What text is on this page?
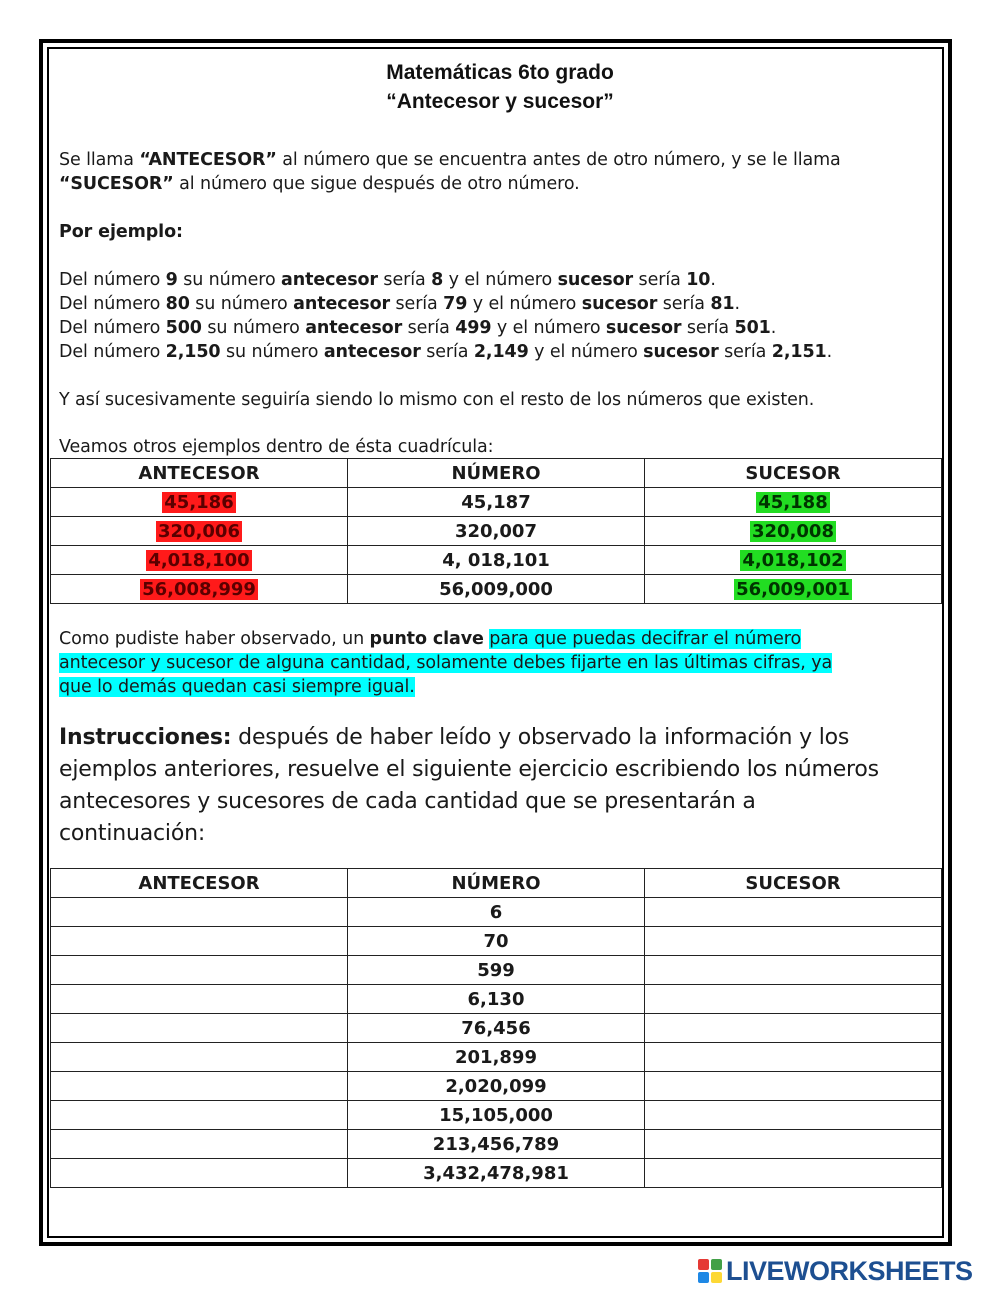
Matemáticas 6to grado
“Antecesor y sucesor”
Se llama “ANTECESOR” al número que se encuentra antes de otro número, y se le llama
“SUCESOR” al número que sigue después de otro número.
Por ejemplo:
Del número 9 su número antecesor sería 8 y el número sucesor sería 10.
Del número 80 su número antecesor sería 79 y el número sucesor sería 81.
Del número 500 su número antecesor sería 499 y el número sucesor sería 501.
Del número 2,150 su número antecesor sería 2,149 y el número sucesor sería 2,151.
Y así sucesivamente seguiría siendo lo mismo con el resto de los números que existen.
Veamos otros ejemplos dentro de ésta cuadrícula:
ANTECESOR	NÚMERO	SUCESOR
45,186	45,187	45,188
320,006	320,007	320,008
4,018,100	4, 018,101	4,018,102
56,008,999	56,009,000	56,009,001
Como pudiste haber observado, un punto clave para que puedas decifrar el número
antecesor y sucesor de alguna cantidad, solamente debes fijarte en las últimas cifras, ya
que lo demás quedan casi siempre igual.
Instrucciones: después de haber leído y observado la información y los
ejemplos anteriores, resuelve el siguiente ejercicio escribiendo los números
antecesores y sucesores de cada cantidad que se presentarán a
continuación:
ANTECESOR	NÚMERO	SUCESOR
	6	
	70	
	599	
	6,130	
	76,456	
	201,899	
	2,020,099	
	15,105,000	
	213,456,789	
	3,432,478,981	
LIVEWORKSHEETS
